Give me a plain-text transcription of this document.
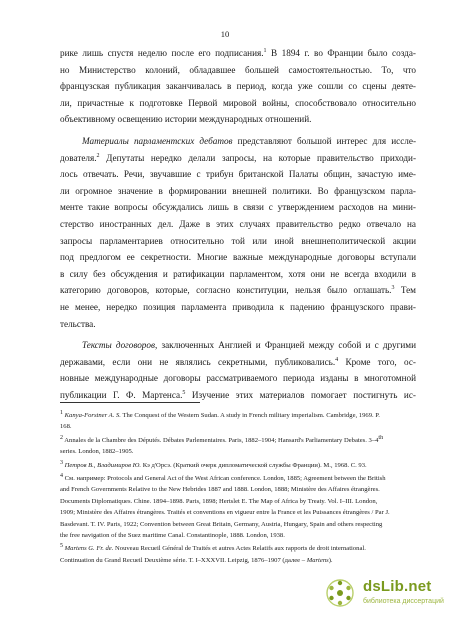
10
рике лишь спустя неделю после его подписания.$^1$ В 1894 г. во Франции было созда-
но Министерство колоний, обладавшее большей самостоятельностью. То, что
французская публикация заканчивалась в период, когда уже сошли со сцены деяте-
ли, причастные к подготовке Первой мировой войны, способствовало относительно
объективному освещению истории международных отношений.
Материалы парламентских дебатов представляют большой интерес для иссле-
дователя.$^2$ Депутаты нередко делали запросы, на которые правительство приходи-
лось отвечать. Речи, звучавшие с трибун британской Палаты общин, зачастую име-
ли огромное значение в формировании внешней политики. Во французском парла-
менте такие вопросы обсуждались лишь в связи с утверждением расходов на мини-
стерство иностранных дел. Даже в этих случаях правительство редко отвечало на
запросы парламентариев относительно той или иной внешнеполитической акции
под предлогом ее секретности. Многие важные международные договоры вступали
в силу без обсуждения и ратификации парламентом, хотя они не всегда входили в
категорию договоров, которые, согласно конституции, нельзя было оглашать.$^3$ Тем
не менее, нередко позиция парламента приводила к падению французского прави-
тельства.
Тексты договоров, заключенных Англией и Францией между собой и с другими
державами, если они не являлись секретными, публиковались.$^4$ Кроме того, ос-
новные международные договоры рассматриваемого периода изданы в многотомной
публикации Г. Ф. Мартенса.$^5$ Изучение этих материалов помогает постигнуть ис-
$^1$ Kanya-Forstner A. S. The Conquest of the Western Sudan. A study in French military imperialism. Cambridge, 1969. P.
168.
$^2$ Annales de la Chambre des Députés. Débates Parlementaires. Paris, 1882–1904; Hansard's Parliamentary Debates. 3–4th
series. London, 1882–1905.
$^3$ Петров В., Владимиров Ю. Кэ д'Орсэ. (Краткий очерк дипломатической службы Франции). М., 1968. С. 93.
$^4$ См. например: Protocols and General Act of the West African conference. London, 1885; Agreement between the British
and French Governments Relative to the New Hebrides 1887 and 1888. London, 1888; Ministère des Affaires étrangères.
Documents Diplomatiques. Chine. 1894–1898. Paris, 1898; Hertslet E. The Map of Africa by Treaty. Vol. I–III. London,
1909; Ministère des Affaires étrangères. Traités et conventions en vigueur entre la France et les Puissances étrangères / Par J.
Basdevant. T. IV. Paris, 1922; Convention between Great Britain, Germany, Austria, Hungary, Spain and others respecting
the free navigation of the Suez maritime Canal. Constantinople, 1888. London, 1938.
$^5$ Martens G. Fr. de. Nouveau Recueil Général de Traités et autres Actes Relatifs aux rapports de droit international.
Continuation du Grand Recueil Deuxième série. T. I–XXXVII. Leipzig, 1876–1907 (далее – Martens).
dsLib.net
библиотека диссертаций
